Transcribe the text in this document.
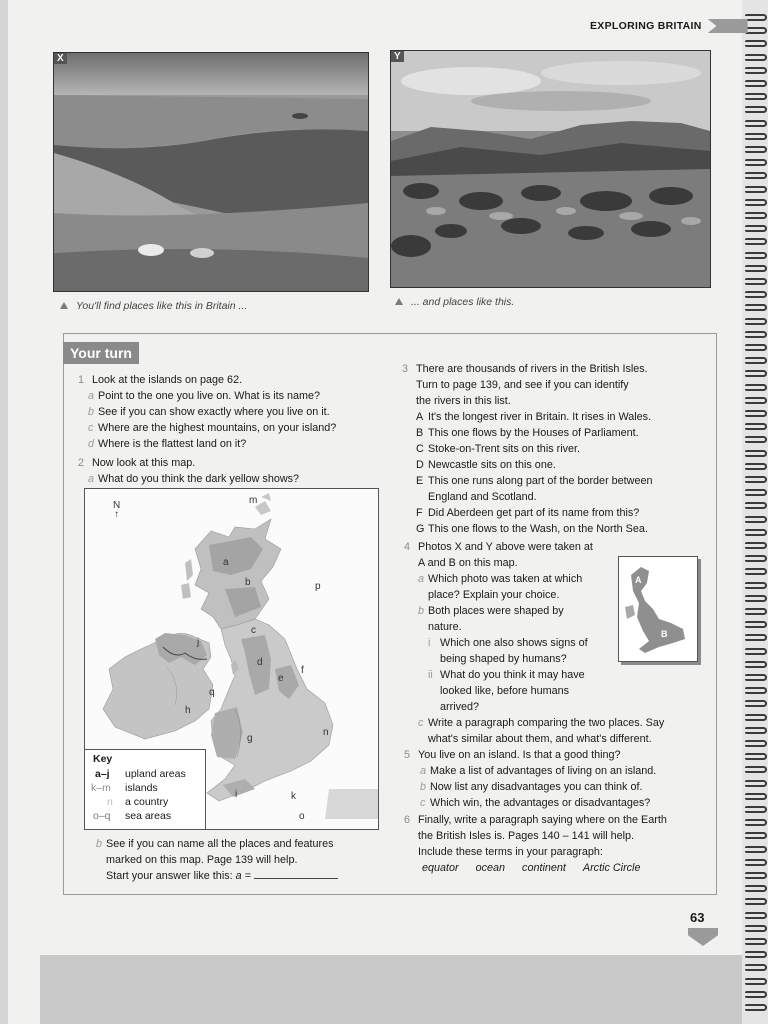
EXPLORING BRITAIN
X
You'll find places like this in Britain ...
Y
... and places like this.
Your turn
1 Look at the islands on page 62.
a Point to the one you live on. What is its name?
b See if you can show exactly where you live on it.
c Where are the highest mountains, on your island?
d Where is the flattest land on it?
2 Now look at this map.
a What do you think the dark yellow shows?
N
↑
a
b
c
d
e
f
g
h
i
j
k
m
n
o
p
q
Key
a–j upland areas
k–m islands
n a country
o–q sea areas
b See if you can name all the places and features
marked on this map. Page 139 will help.
Start your answer like this: a =
3 There are thousands of rivers in the British Isles.
Turn to page 139, and see if you can identify
the rivers in this list.
A It's the longest river in Britain. It rises in Wales.
B This one flows by the Houses of Parliament.
C Stoke-on-Trent sits on this river.
D Newcastle sits on this one.
E This one runs along part of the border between
England and Scotland.
F Did Aberdeen get part of its name from this?
G This one flows to the Wash, on the North Sea.
4 Photos X and Y above were taken at
A and B on this map.
a Which photo was taken at which
place? Explain your choice.
b Both places were shaped by
nature.
i Which one also shows signs of
being shaped by humans?
ii What do you think it may have
looked like, before humans
arrived?
c Write a paragraph comparing the two places. Say
what's similar about them, and what's different.
A
B
5 You live on an island. Is that a good thing?
a Make a list of advantages of living on an island.
b Now list any disadvantages you can think of.
c Which win, the advantages or disadvantages?
6 Finally, write a paragraph saying where on the Earth
the British Isles is. Pages 140 – 141 will help.
Include these terms in your paragraph:
equator ocean continent Arctic Circle
63
